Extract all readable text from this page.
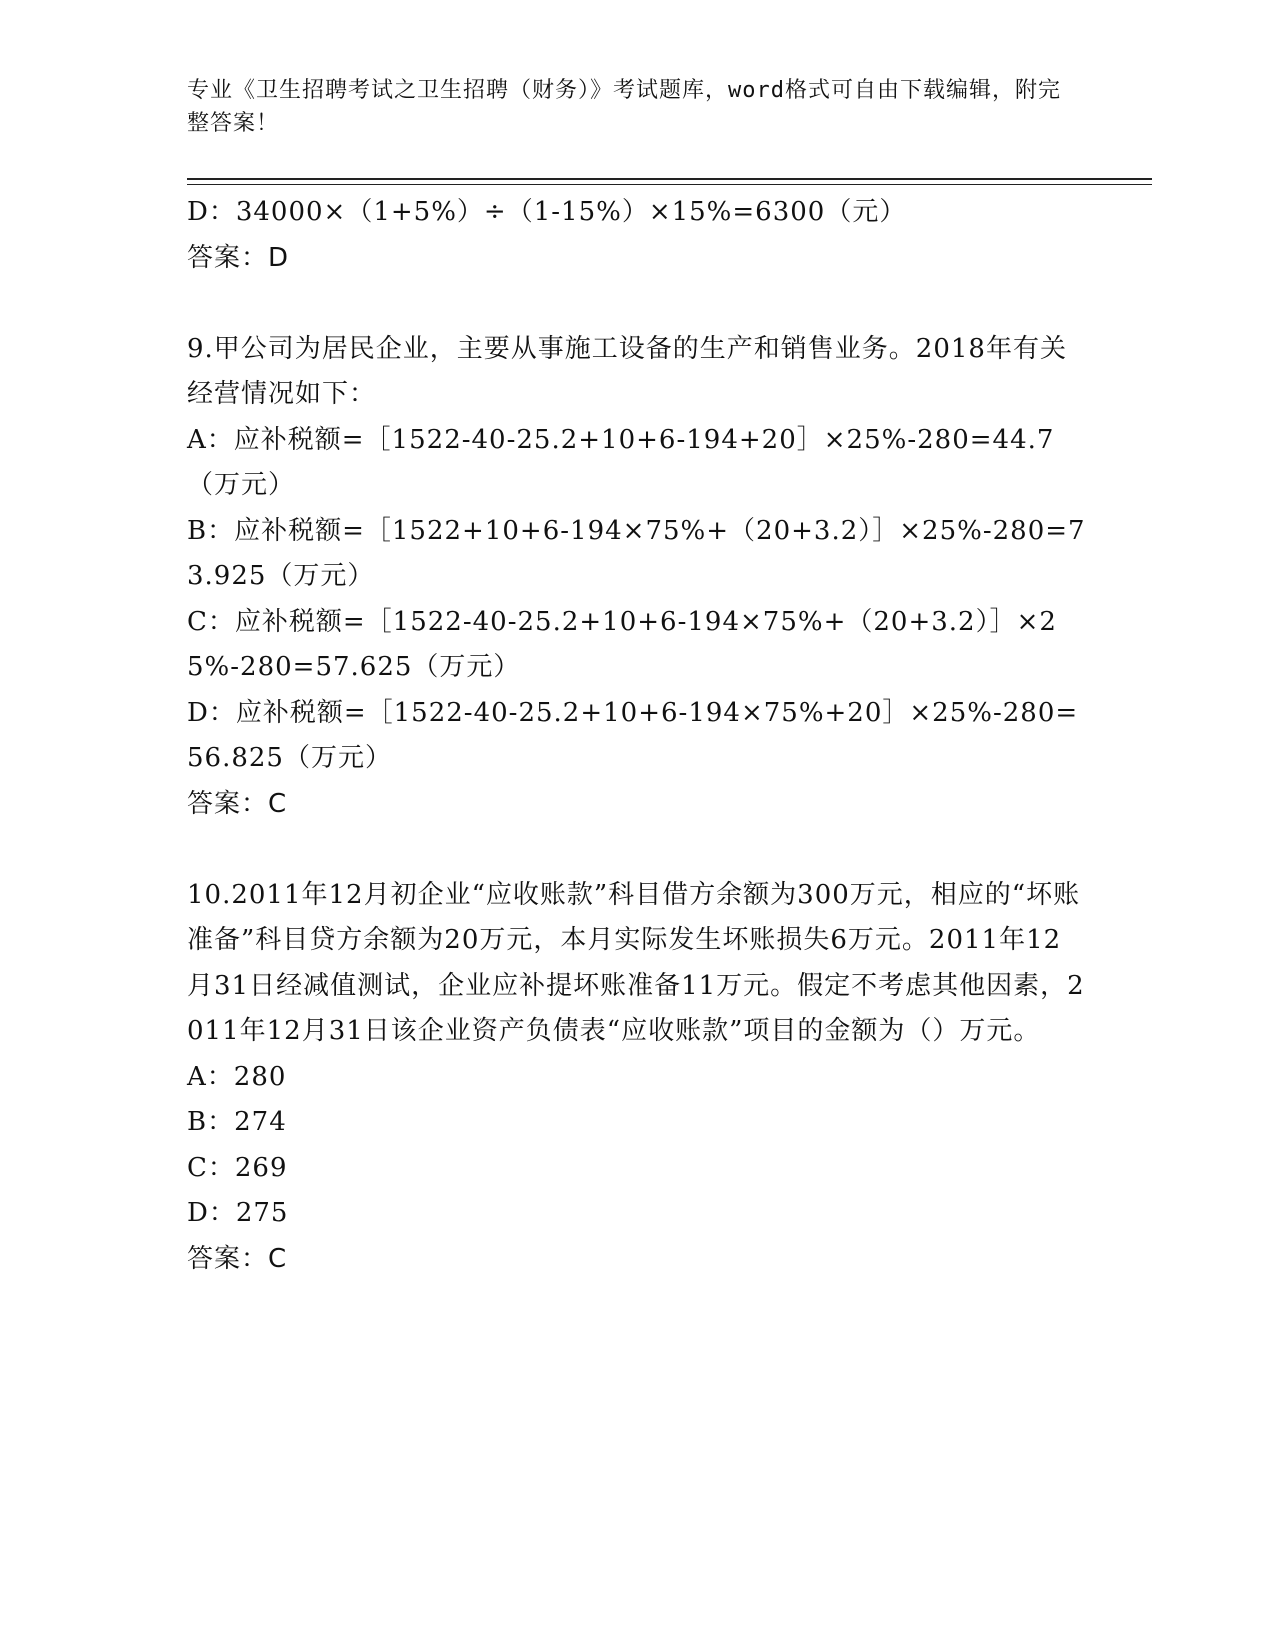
专业《卫生招聘考试之卫生招聘（财务）》考试题库，word格式可自由下载编辑，附完整答案！
D：34000×（1+5%）÷（1-15%）×15%=6300（元）
答案：D
9.甲公司为居民企业，主要从事施工设备的生产和销售业务。2018年有关经营情况如下：
A：应补税额=［1522-40-25.2+10+6-194+20］×25%-280=44.7（万元）
B：应补税额=［1522+10+6-194×75%+（20+3.2）］×25%-280=73.925（万元）
C：应补税额=［1522-40-25.2+10+6-194×75%+（20+3.2）］×25%-280=57.625（万元）
D：应补税额=［1522-40-25.2+10+6-194×75%+20］×25%-280=56.825（万元）
答案：C
10.2011年12月初企业“应收账款”科目借方余额为300万元，相应的“坏账准备”科目贷方余额为20万元，本月实际发生坏账损失6万元。2011年12月31日经减值测试，企业应补提坏账准备11万元。假定不考虑其他因素，2011年12月31日该企业资产负债表“应收账款”项目的金额为（）万元。
A：280
B：274
C：269
D：275
答案：C
